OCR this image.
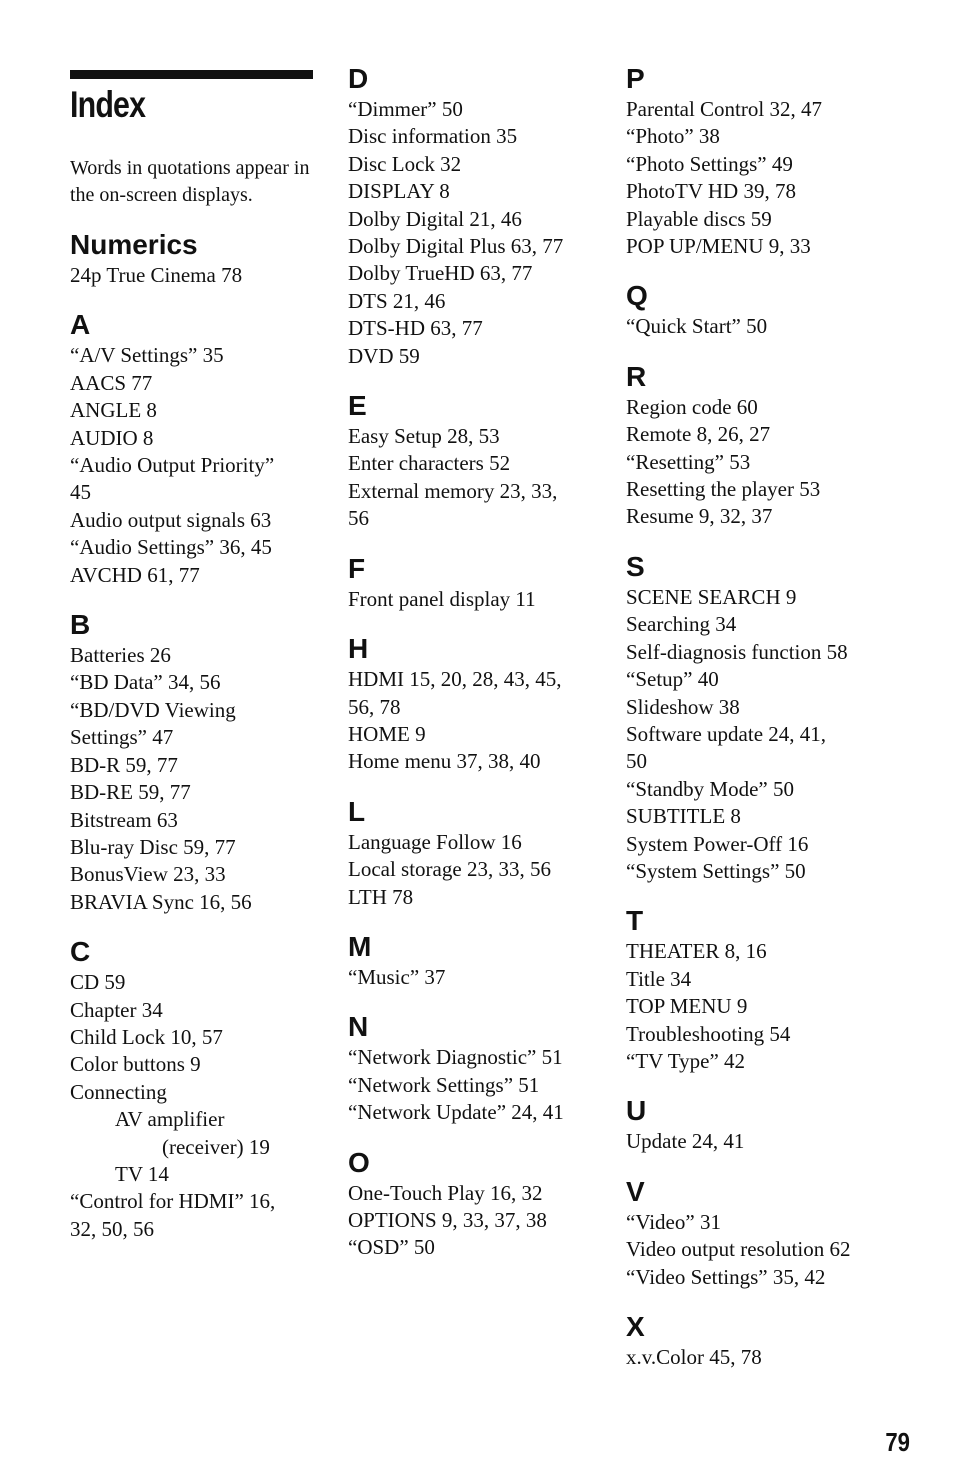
Index
Words in quotations appear in the on-screen displays.
Numerics
24p True Cinema 78
A
“A/V Settings” 35
AACS 77
ANGLE 8
AUDIO 8
“Audio Output Priority”
45
Audio output signals 63
“Audio Settings” 36, 45
AVCHD 61, 77
B
Batteries 26
“BD Data” 34, 56
“BD/DVD Viewing
Settings” 47
BD-R 59, 77
BD-RE 59, 77
Bitstream 63
Blu-ray Disc 59, 77
BonusView 23, 33
BRAVIA Sync 16, 56
C
CD 59
Chapter 34
Child Lock 10, 57
Color buttons 9
Connecting
AV amplifier
(receiver) 19
TV 14
“Control for HDMI” 16,
32, 50, 56
D
“Dimmer” 50
Disc information 35
Disc Lock 32
DISPLAY 8
Dolby Digital 21, 46
Dolby Digital Plus 63, 77
Dolby TrueHD 63, 77
DTS 21, 46
DTS-HD 63, 77
DVD 59
E
Easy Setup 28, 53
Enter characters 52
External memory 23, 33,
56
F
Front panel display 11
H
HDMI 15, 20, 28, 43, 45,
56, 78
HOME 9
Home menu 37, 38, 40
L
Language Follow 16
Local storage 23, 33, 56
LTH 78
M
“Music” 37
N
“Network Diagnostic” 51
“Network Settings” 51
“Network Update” 24, 41
O
One-Touch Play 16, 32
OPTIONS 9, 33, 37, 38
“OSD” 50
P
Parental Control 32, 47
“Photo” 38
“Photo Settings” 49
PhotoTV HD 39, 78
Playable discs 59
POP UP/MENU 9, 33
Q
“Quick Start” 50
R
Region code 60
Remote 8, 26, 27
“Resetting” 53
Resetting the player 53
Resume 9, 32, 37
S
SCENE SEARCH 9
Searching 34
Self-diagnosis function 58
“Setup” 40
Slideshow 38
Software update 24, 41,
50
“Standby Mode” 50
SUBTITLE 8
System Power-Off 16
“System Settings” 50
T
THEATER 8, 16
Title 34
TOP MENU 9
Troubleshooting 54
“TV Type” 42
U
Update 24, 41
V
“Video” 31
Video output resolution 62
“Video Settings” 35, 42
X
x.v.Color 45, 78
79
